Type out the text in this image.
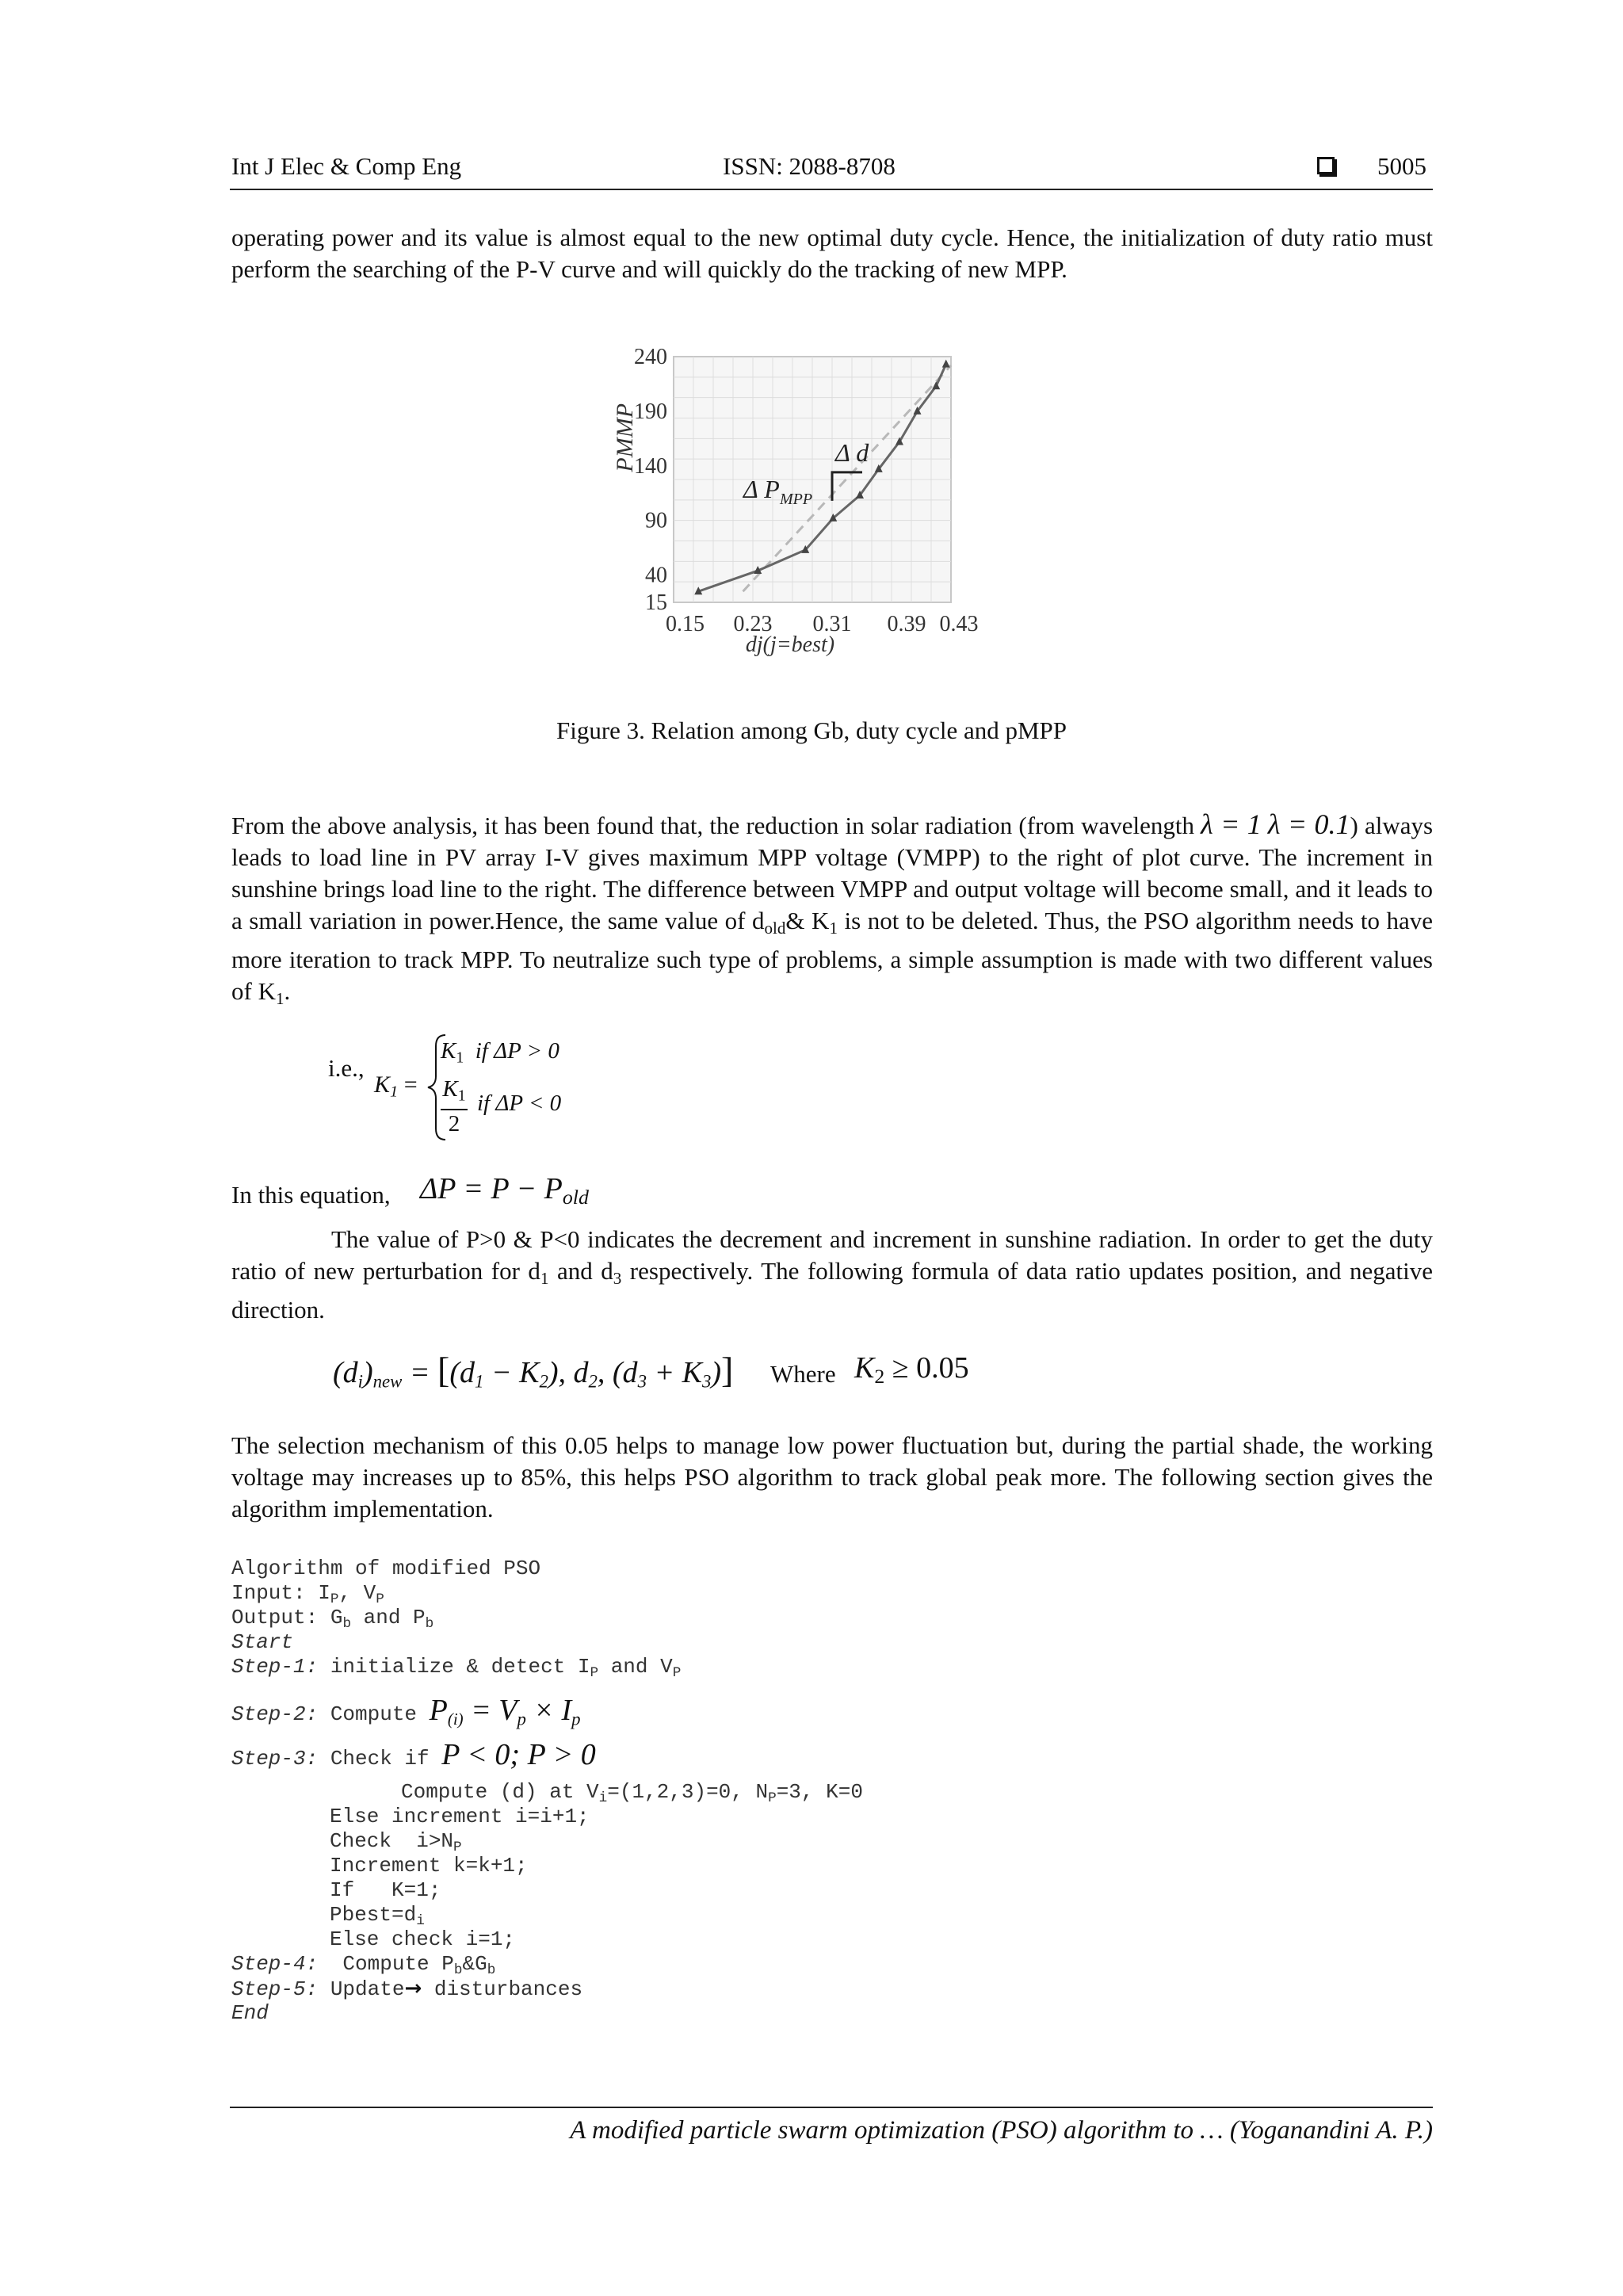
Int J Elec & Comp Eng	ISSN: 2088-8708	5005
operating power and its value is almost equal to the new optimal duty cycle. Hence, the initialization of duty ratio must perform the searching of the P-V curve and will quickly do the tracking of new MPP.
15
40
90
140
190
240
0.15 0.23 0.31 0.39 0.43
dj(j=best)
PMMP	Δ d
Δ P MPP
Figure 3. Relation among Gb, duty cycle and pMPP

From the above analysis, it has been found that, the reduction in solar radiation (from wavelength λ = 1 λ = 0.1) always leads to load line in PV array I-V gives maximum MPP voltage (VMPP) to the right of plot curve. The increment in sunshine brings load line to the right. The difference between VMPP and output voltage will become small, and it leads to a small variation in power.Hence, the same value of $d_{old}\&$ $K_1$ is not to be deleted. Thus, the PSO algorithm needs to have more iteration to track MPP. To neutralize such type of problems, a simple assumption is made with two different values of $K_1$.

i.e.,
$K_1$ =
$K_1$ if ΔP > 0
$K_1$
2
if ΔP < 0
In this equation, $\Delta P = P - P_{old}$

The value of P>0 & P<0 indicates the decrement and increment in sunshine radiation. In order to get the duty ratio of new perturbation for $d_1$ and $d_3$ respectively. The following formula of data ratio updates position, and negative direction.

$(d_i)_{new} = [(d_1 - K_2)$, $d_2$, $(d_3 + K_3)$] Where $K_2 \ge 0.05$
The selection mechanism of this 0.05 helps to manage low power fluctuation but, during the partial shade, the working voltage may increases up to 85%, this helps PSO algorithm to track global peak more. The following section gives the algorithm implementation.
Algorithm of modified PSO
Input: $I_P$, $V_P$
Output: $G_b$ and $P_b$
Start
Step-1: initialize & detect $I_P$ and $V_P$
Step-2: Compute $P_{(i)} = V_p \times I_p$
Step-3: Check if P < 0; P > 0
Compute (d) at $V_i=(1,2,3)=0$, $N_P=3$, K=0
Else increment i=i+1;
Check  $i>N_P$
Increment k=k+1;
If   K=1;
$Pbest=d_i$
Else check i=1;
Step-4:  Compute $P_b\&G_b$
Step-5: Update→ disturbances
End
A modified particle swarm optimization (PSO) algorithm to … (Yoganandini A. P.)
